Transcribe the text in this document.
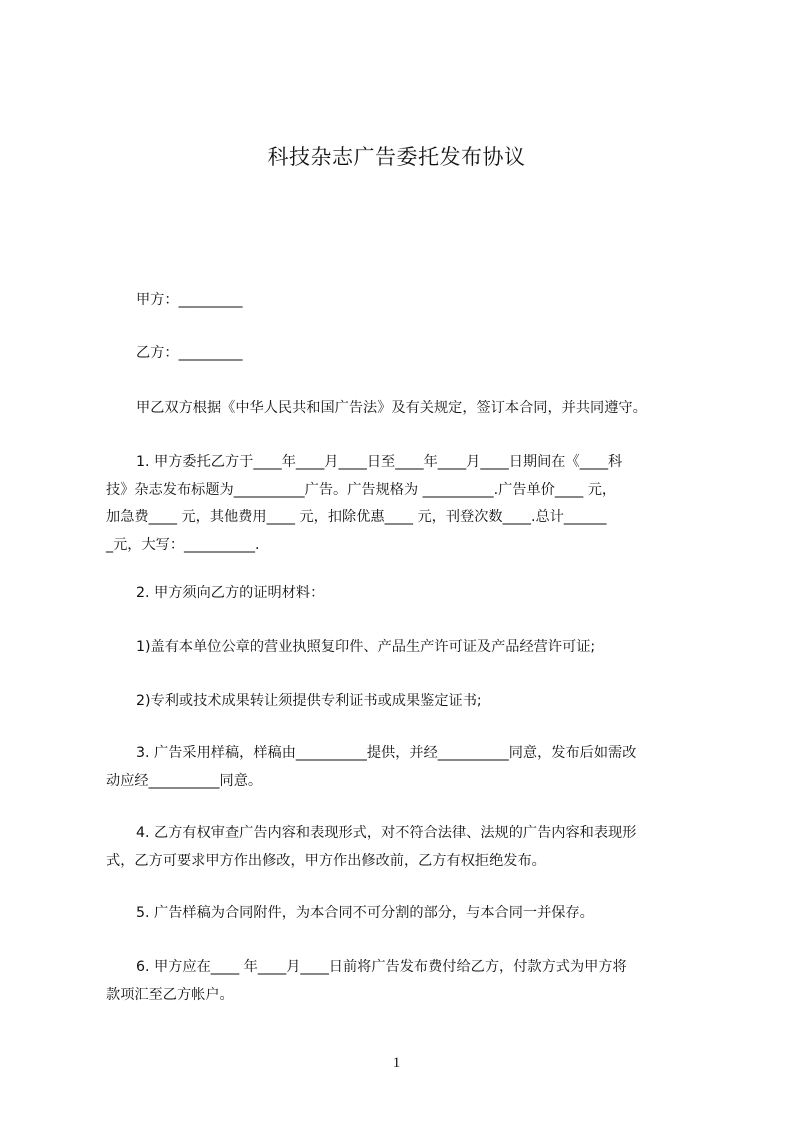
科技杂志广告委托发布协议
甲方：_________
乙方：_________
甲乙双方根据《中华人民共和国广告法》及有关规定，签订本合同，并共同遵守。
1. 甲方委托乙方于____年____月____日至____年____月____日期间在《____科
技》杂志发布标题为__________广告。广告规格为 __________.广告单价____ 元，
加急费____ 元，其他费用____ 元，扣除优惠____ 元，刊登次数____.总计______
_元，大写：__________.
2. 甲方须向乙方的证明材料：
1)盖有本单位公章的营业执照复印件、产品生产许可证及产品经营许可证;
2)专利或技术成果转让须提供专利证书或成果鉴定证书;
3. 广告采用样稿，样稿由__________提供，并经__________同意，发布后如需改
动应经__________同意。
4. 乙方有权审查广告内容和表现形式，对不符合法律、法规的广告内容和表现形
式，乙方可要求甲方作出修改，甲方作出修改前，乙方有权拒绝发布。
5. 广告样稿为合同附件，为本合同不可分割的部分，与本合同一并保存。
6. 甲方应在____ 年____月____日前将广告发布费付给乙方，付款方式为甲方将
款项汇至乙方帐户。
1
